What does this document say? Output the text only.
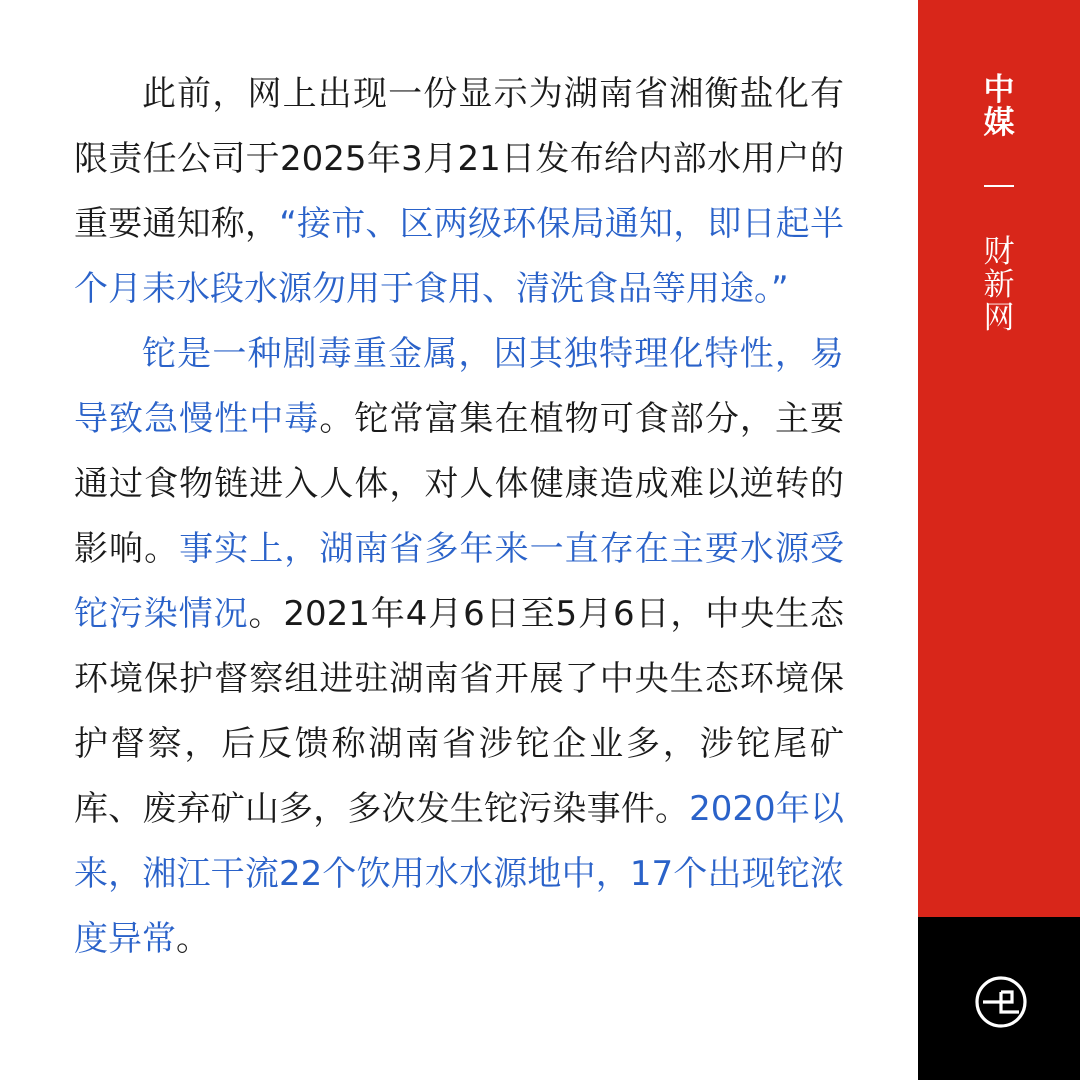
此前，网上出现一份显示为湖南省湘衡盐化有限责任公司于2025年3月21日发布给内部水用户的重要通知称，“接市、区两级环保局通知，即日起半个月耒水段水源勿用于食用、清洗食品等用途。”

铊是一种剧毒重金属，因其独特理化特性，易导致急慢性中毒。铊常富集在植物可食部分，主要通过食物链进入人体，对人体健康造成难以逆转的影响。事实上，湖南省多年来一直存在主要水源受铊污染情况。2021年4月6日至5月6日，中央生态环境保护督察组进驻湖南省开展了中央生态环境保护督察，后反馈称湖南省涉铊企业多，涉铊尾矿库、废弃矿山多，多次发生铊污染事件。2020年以来，湘江干流22个饮用水水源地中，17个出现铊浓度异常。

中
媒
财
新
网
